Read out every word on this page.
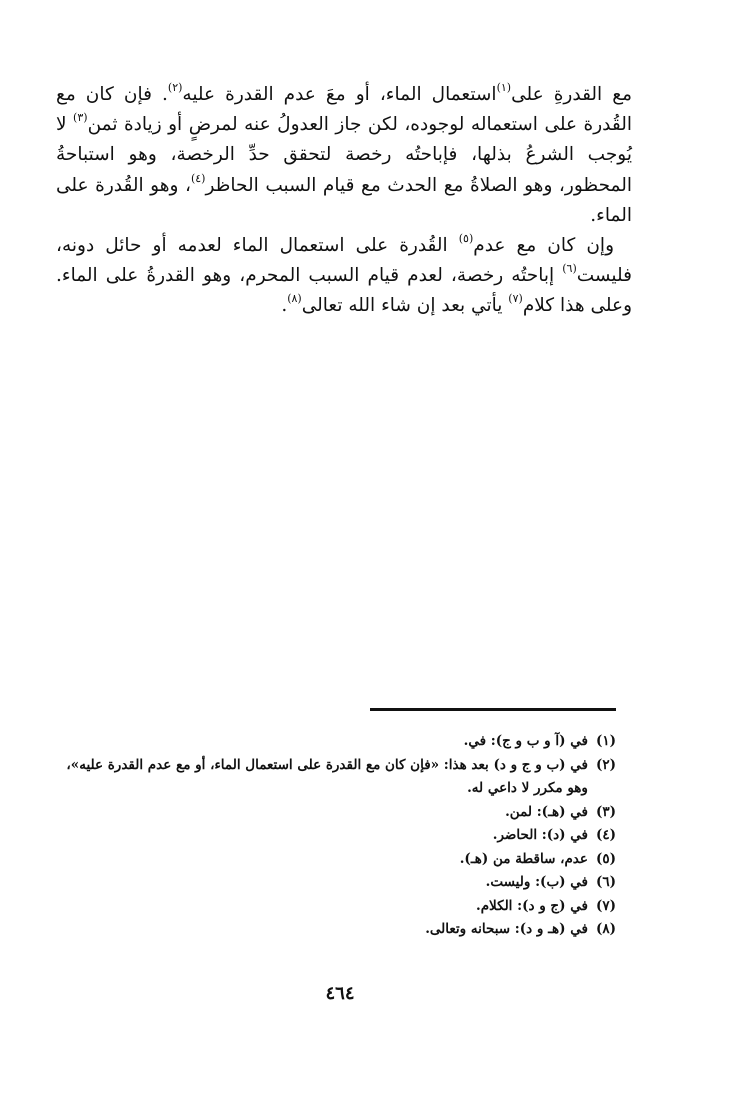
مع القدرةِ على$^{(١)}$استعمال الماء، أو معَ عدم القدرة عليه$^{(٢)}$. فإن كان مع القُدرة على استعماله لوجوده، لكن جاز العدولُ عنه لمرضٍ أو زيادة ثمن$^{(٣)}$ لا يُوجب الشرعُ بذلها، فإباحتُه رخصة لتحقق حدِّ الرخصة، وهو استباحةُ المحظور، وهو الصلاةُ مع الحدث مع قيام السبب الحاظر$^{(٤)}$، وهو القُدرة على الماء.

وإن كان مع عدم$^{(٥)}$ القُدرة على استعمال الماء لعدمه أو حائل دونه، فليست$^{(٦)}$ إباحتُه رخصة، لعدم قيام السبب المحرم، وهو القدرةُ على الماء. وعلى هذا كلام$^{(٧)}$ يأتي بعد إن شاء الله تعالى$^{(٨)}$.

(١)
في (آ و ب و ج): في.
(٢)
في (ب و ج و د) بعد هذا: «فإن كان مع القدرة على استعمال الماء، أو مع عدم القدرة عليه»، وهو مكرر لا داعي له.
(٣)
في (هـ): لمن.
(٤)
في (د): الحاضر.
(٥)
عدم، ساقطة من (هـ).
(٦)
في (ب): وليست.
(٧)
في (ج و د): الكلام.
(٨)
في (هـ و د): سبحانه وتعالى.
٤٦٤
